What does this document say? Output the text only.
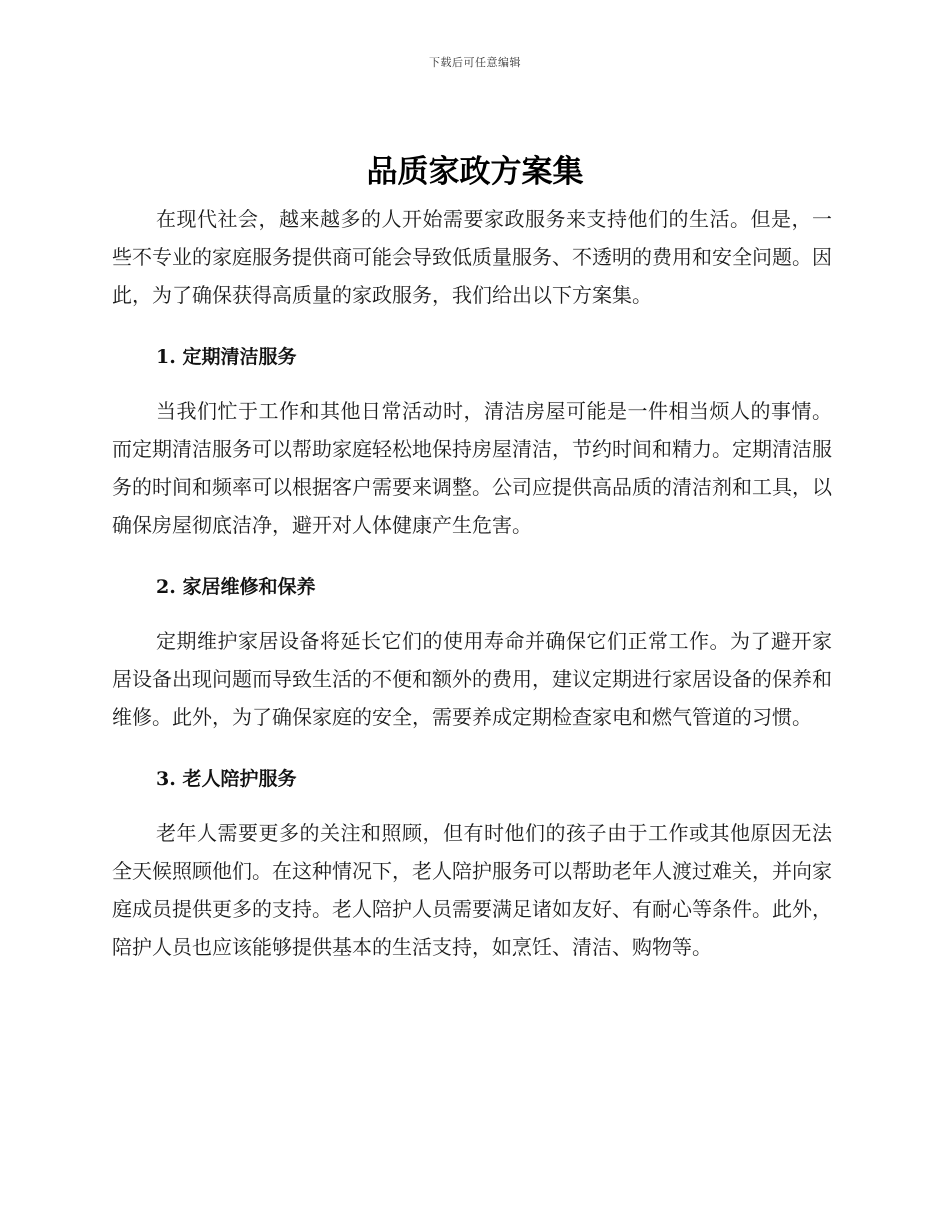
下载后可任意编辑
品质家政方案集

在现代社会，越来越多的人开始需要家政服务来支持他们的生活。但是，一些不专业的家庭服务提供商可能会导致低质量服务、不透明的费用和安全问题。因此，为了确保获得高质量的家政服务，我们给出以下方案集。

1. 定期清洁服务

当我们忙于工作和其他日常活动时，清洁房屋可能是一件相当烦人的事情。而定期清洁服务可以帮助家庭轻松地保持房屋清洁，节约时间和精力。定期清洁服务的时间和频率可以根据客户需要来调整。公司应提供高品质的清洁剂和工具，以确保房屋彻底洁净，避开对人体健康产生危害。

2. 家居维修和保养

定期维护家居设备将延长它们的使用寿命并确保它们正常工作。为了避开家居设备出现问题而导致生活的不便和额外的费用，建议定期进行家居设备的保养和维修。此外，为了确保家庭的安全，需要养成定期检查家电和燃气管道的习惯。

3. 老人陪护服务

老年人需要更多的关注和照顾，但有时他们的孩子由于工作或其他原因无法全天候照顾他们。在这种情况下，老人陪护服务可以帮助老年人渡过难关，并向家庭成员提供更多的支持。老人陪护人员需要满足诸如友好、有耐心等条件。此外，陪护人员也应该能够提供基本的生活支持，如烹饪、清洁、购物等。
